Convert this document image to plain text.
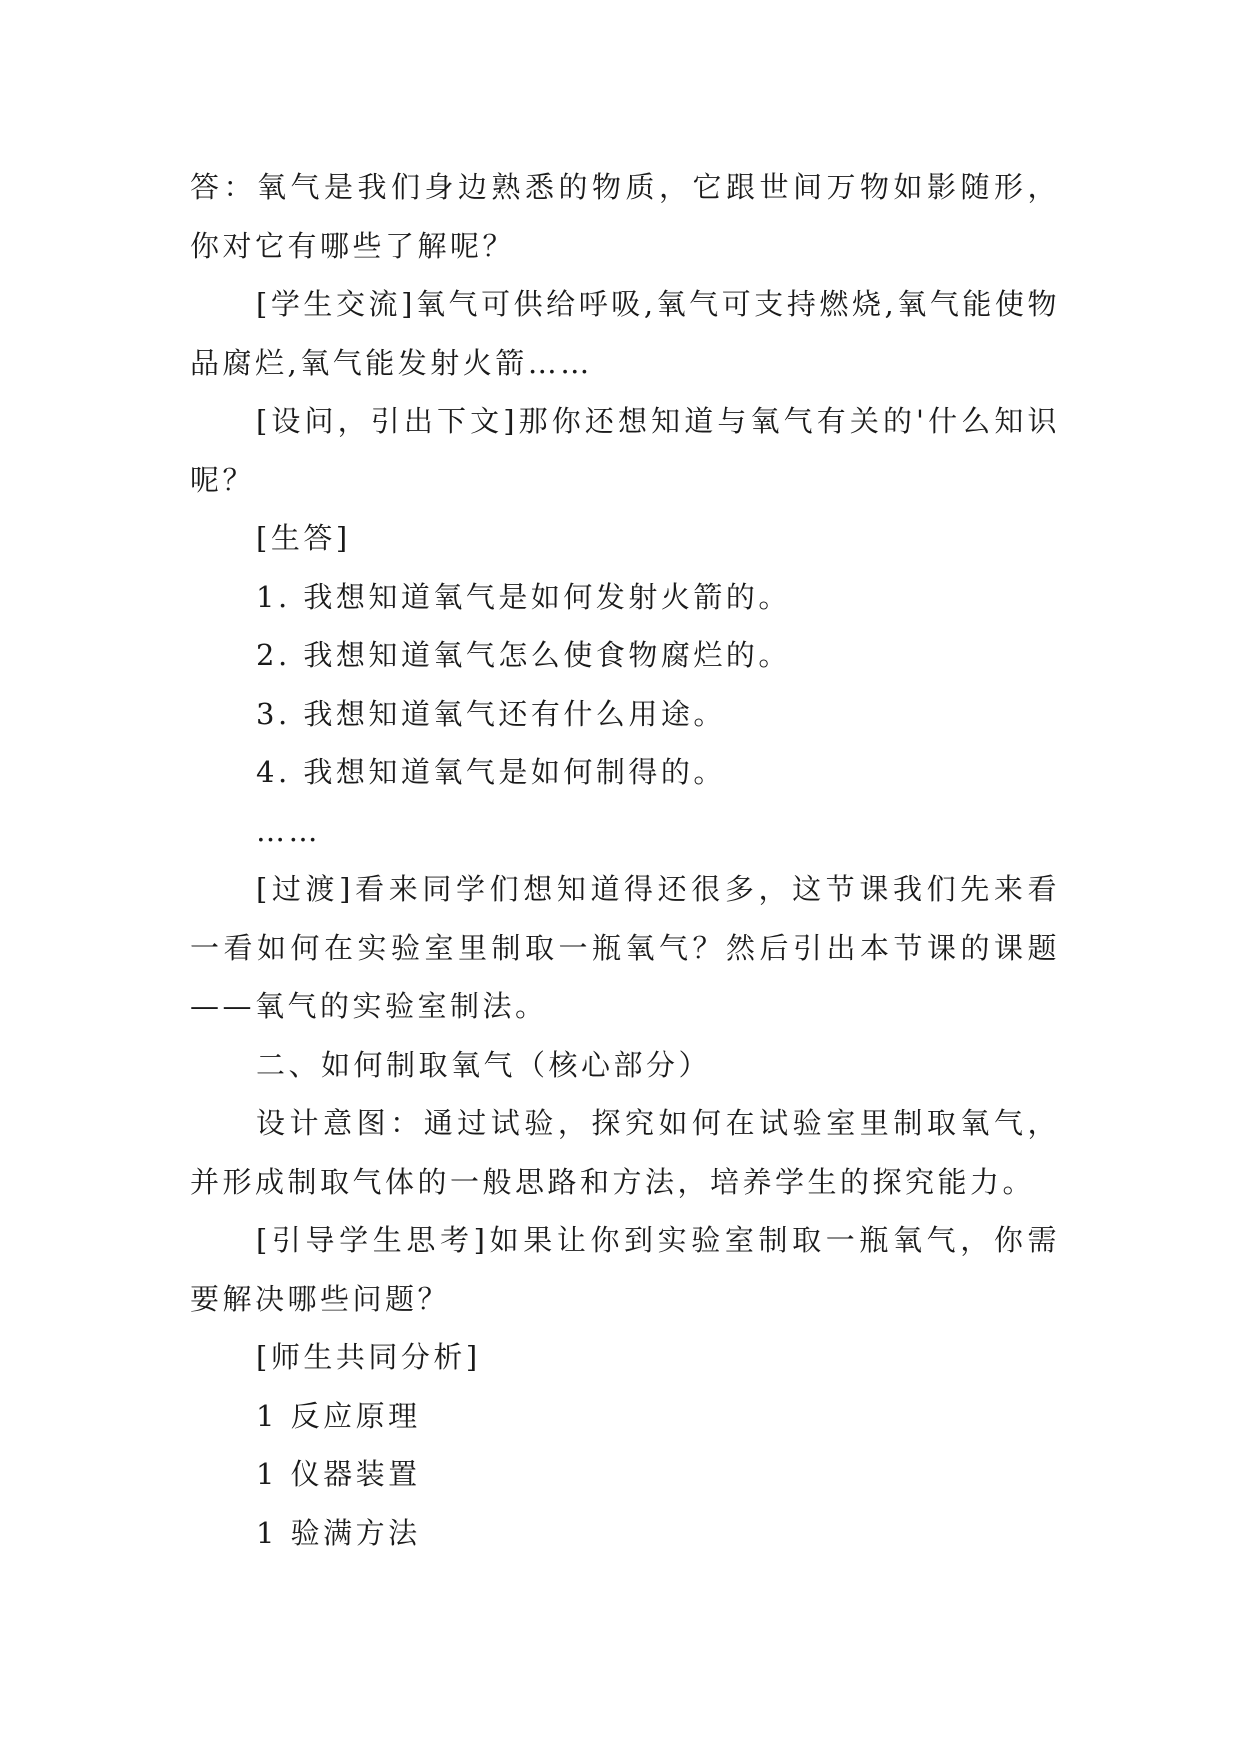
答：氧气是我们身边熟悉的物质，它跟世间万物如影随形，你对它有哪些了解呢？

[学生交流]氧气可供给呼吸,氧气可支持燃烧,氧气能使物品腐烂,氧气能发射火箭……

[设问，引出下文]那你还想知道与氧气有关的'什么知识呢？

[生答]

1. 我想知道氧气是如何发射火箭的。

2. 我想知道氧气怎么使食物腐烂的。

3. 我想知道氧气还有什么用途。

4. 我想知道氧气是如何制得的。

……

[过渡]看来同学们想知道得还很多，这节课我们先来看一看如何在实验室里制取一瓶氧气？然后引出本节课的课题——氧气的实验室制法。

二、如何制取氧气（核心部分）

设计意图：通过试验，探究如何在试验室里制取氧气，并形成制取气体的一般思路和方法，培养学生的探究能力。

[引导学生思考]如果让你到实验室制取一瓶氧气，你需要解决哪些问题？

[师生共同分析]

1 反应原理

1 仪器装置

1 验满方法
